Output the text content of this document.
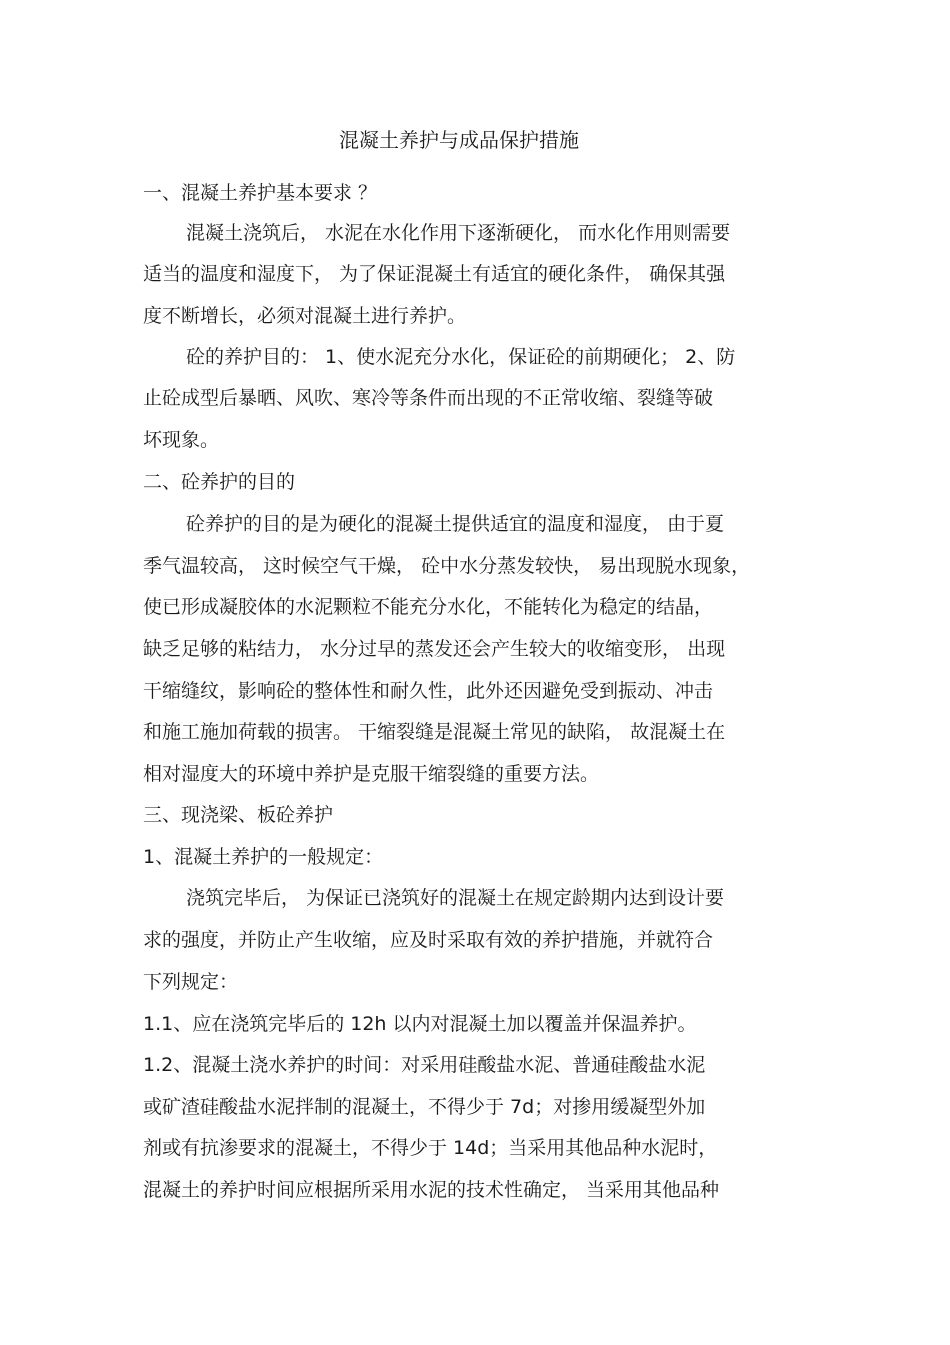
混凝土养护与成品保护措施
一、混凝土养护基本要求 ？
混凝土浇筑后， 水泥在水化作用下逐渐硬化， 而水化作用则需要
适当的温度和湿度下， 为了保证混凝土有适宜的硬化条件， 确保其强
度不断增长，必须对混凝土进行养护。
砼的养护目的： 1、使水泥充分水化，保证砼的前期硬化； 2、防
止砼成型后暴晒、风吹、寒冷等条件而出现的不正常收缩、裂缝等破
坏现象。
二、砼养护的目的
砼养护的目的是为硬化的混凝土提供适宜的温度和湿度， 由于夏
季气温较高， 这时候空气干燥， 砼中水分蒸发较快， 易出现脱水现象，
使已形成凝胶体的水泥颗粒不能充分水化，不能转化为稳定的结晶，
缺乏足够的粘结力， 水分过早的蒸发还会产生较大的收缩变形， 出现
干缩缝纹，影响砼的整体性和耐久性，此外还因避免受到振动、冲击
和施工施加荷载的损害。 干缩裂缝是混凝土常见的缺陷， 故混凝土在
相对湿度大的环境中养护是克服干缩裂缝的重要方法。
三、现浇梁、板砼养护
1、混凝土养护的一般规定：
浇筑完毕后， 为保证已浇筑好的混凝土在规定龄期内达到设计要
求的强度，并防止产生收缩，应及时采取有效的养护措施，并就符合
下列规定：
1.1、应在浇筑完毕后的 12h 以内对混凝土加以覆盖并保温养护。
1.2、混凝土浇水养护的时间：对采用硅酸盐水泥、普通硅酸盐水泥
或矿渣硅酸盐水泥拌制的混凝土，不得少于 7d；对掺用缓凝型外加
剂或有抗渗要求的混凝土，不得少于 14d；当采用其他品种水泥时，
混凝土的养护时间应根据所采用水泥的技术性确定， 当采用其他品种
